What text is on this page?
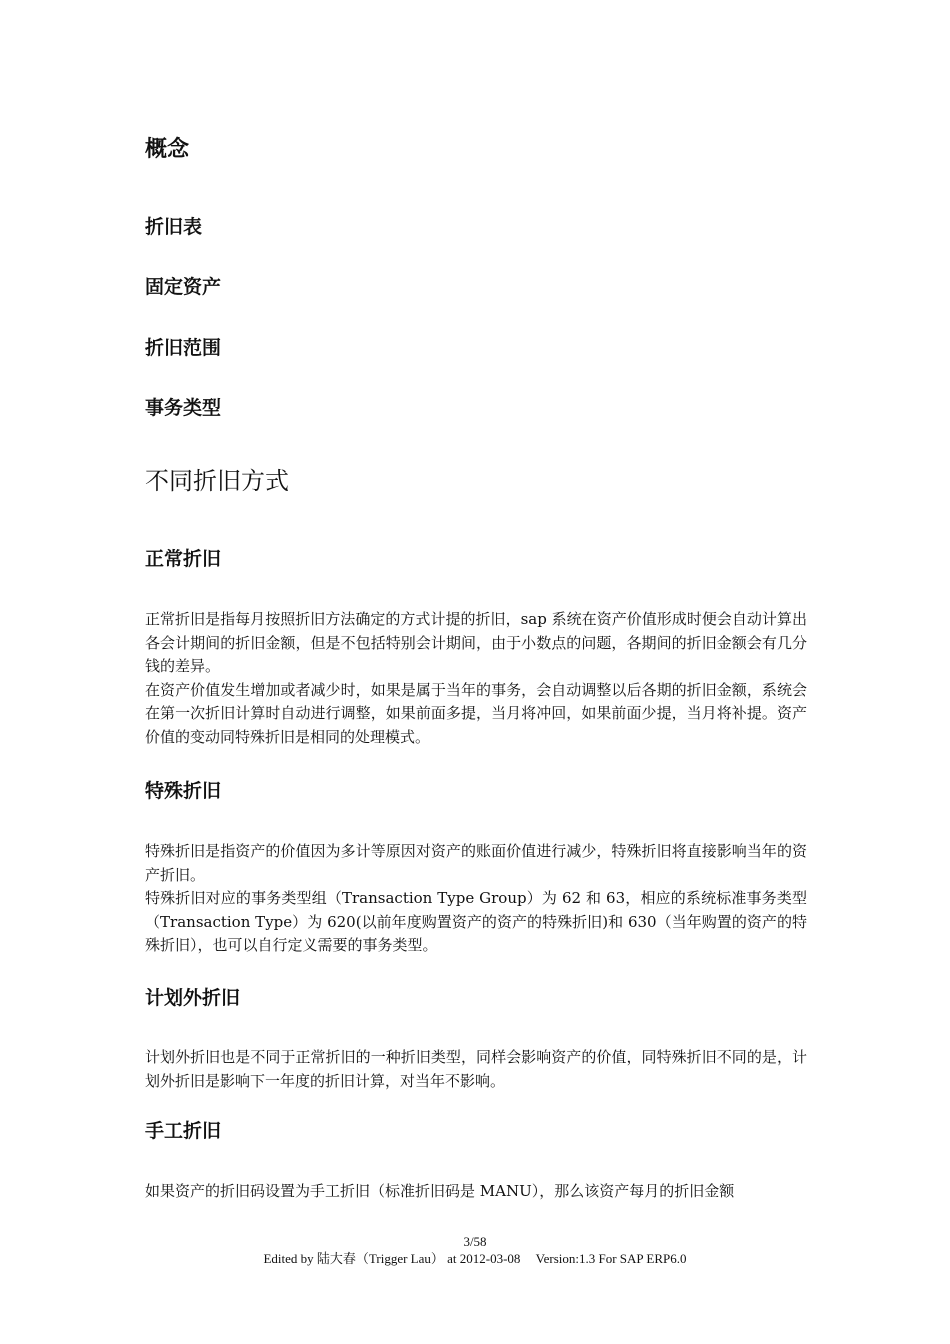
概念
折旧表
固定资产
折旧范围
事务类型
不同折旧方式
正常折旧

正常折旧是指每月按照折旧方法确定的方式计提的折旧，sap 系统在资产价值形成时便会自动计算出各会计期间的折旧金额，但是不包括特别会计期间，由于小数点的问题，各期间的折旧金额会有几分钱的差异。

在资产价值发生增加或者减少时，如果是属于当年的事务，会自动调整以后各期的折旧金额，系统会在第一次折旧计算时自动进行调整，如果前面多提，当月将冲回，如果前面少提，当月将补提。资产价值的变动同特殊折旧是相同的处理模式。

特殊折旧

特殊折旧是指资产的价值因为多计等原因对资产的账面价值进行减少，特殊折旧将直接影响当年的资产折旧。

特殊折旧对应的事务类型组（Transaction Type Group）为 62 和 63，相应的系统标准事务类型（Transaction Type）为 620(以前年度购置资产的资产的特殊折旧)和 630（当年购置的资产的特殊折旧），也可以自行定义需要的事务类型。

计划外折旧

计划外折旧也是不同于正常折旧的一种折旧类型，同样会影响资产的价值，同特殊折旧不同的是，计划外折旧是影响下一年度的折旧计算，对当年不影响。

手工折旧

如果资产的折旧码设置为手工折旧（标准折旧码是 MANU），那么该资产每月的折旧金额

3/58
Edited by 陆大春（Trigger Lau） at 2012-03-08 Version:1.3 For SAP ERP6.0
